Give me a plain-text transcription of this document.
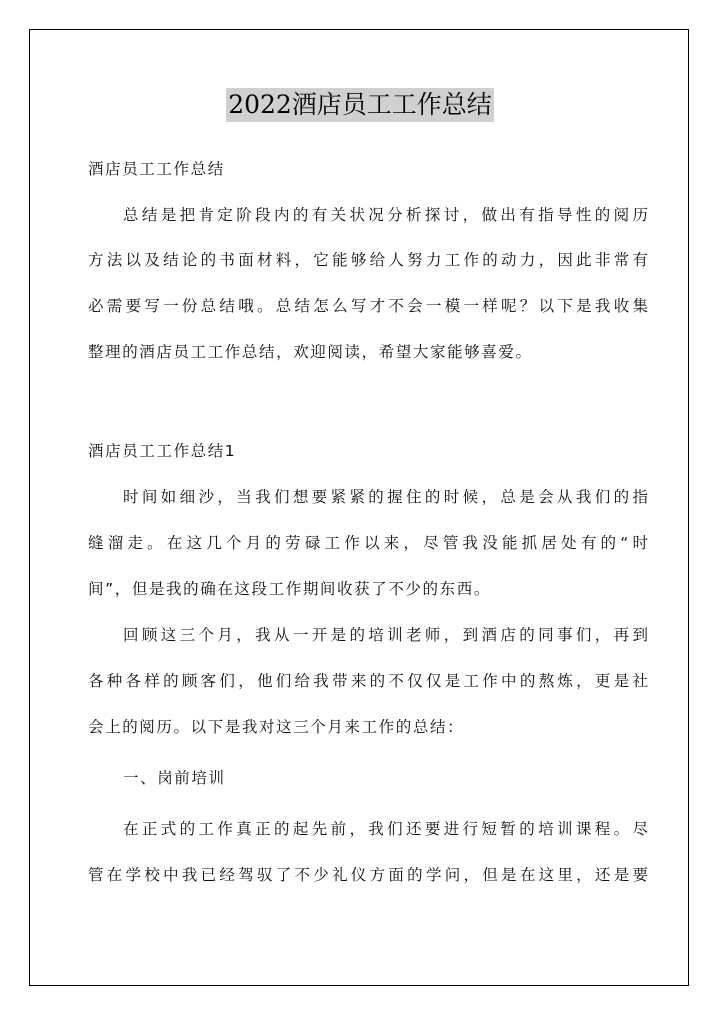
2022酒店员工工作总结
酒店员工工作总结
总结是把肯定阶段内的有关状况分析探讨，做出有指导性的阅历
方法以及结论的书面材料，它能够给人努力工作的动力，因此非常有
必需要写一份总结哦。总结怎么写才不会一模一样呢？以下是我收集
整理的酒店员工工作总结，欢迎阅读，希望大家能够喜爱。
酒店员工工作总结1
时间如细沙，当我们想要紧紧的握住的时候，总是会从我们的指
缝溜走。在这几个月的劳碌工作以来，尽管我没能抓居处有的“时
间”，但是我的确在这段工作期间收获了不少的东西。
回顾这三个月，我从一开是的培训老师，到酒店的同事们，再到
各种各样的顾客们，他们给我带来的不仅仅是工作中的熬炼，更是社
会上的阅历。以下是我对这三个月来工作的总结：
一、岗前培训
在正式的工作真正的起先前，我们还要进行短暂的培训课程。尽
管在学校中我已经驾驭了不少礼仪方面的学问，但是在这里，还是要
